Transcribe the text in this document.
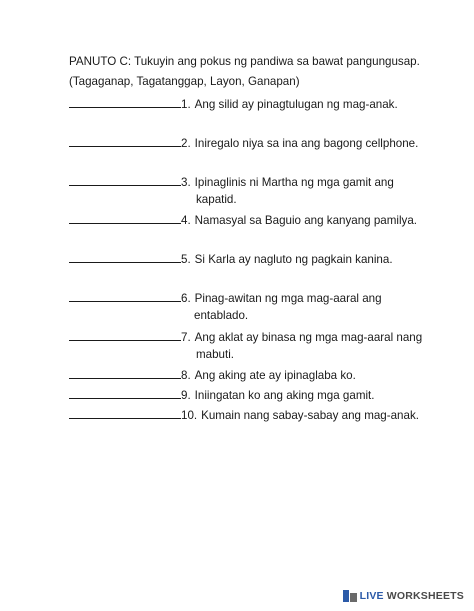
PANUTO C: Tukuyin ang pokus ng pandiwa sa bawat pangungusap.
(Tagaganap, Tagatanggap, Layon, Ganapan)
1. Ang silid ay pinagtulugan ng mag-anak.
2. Iniregalo niya sa ina ang bagong cellphone.
3. Ipinaglinis ni Martha ng mga gamit ang
kapatid.
4. Namasyal sa Baguio ang kanyang pamilya.
5. Si Karla ay nagluto ng pagkain kanina.
6. Pinag-awitan ng mga mag-aaral ang
entablado.
7. Ang aklat ay binasa ng mga mag-aaral nang
mabuti.
8. Ang aking ate ay ipinaglaba ko.
9. Iniingatan ko ang aking mga gamit.
10. Kumain nang sabay-sabay ang mag-anak.
LIVE WORKSHEETS
